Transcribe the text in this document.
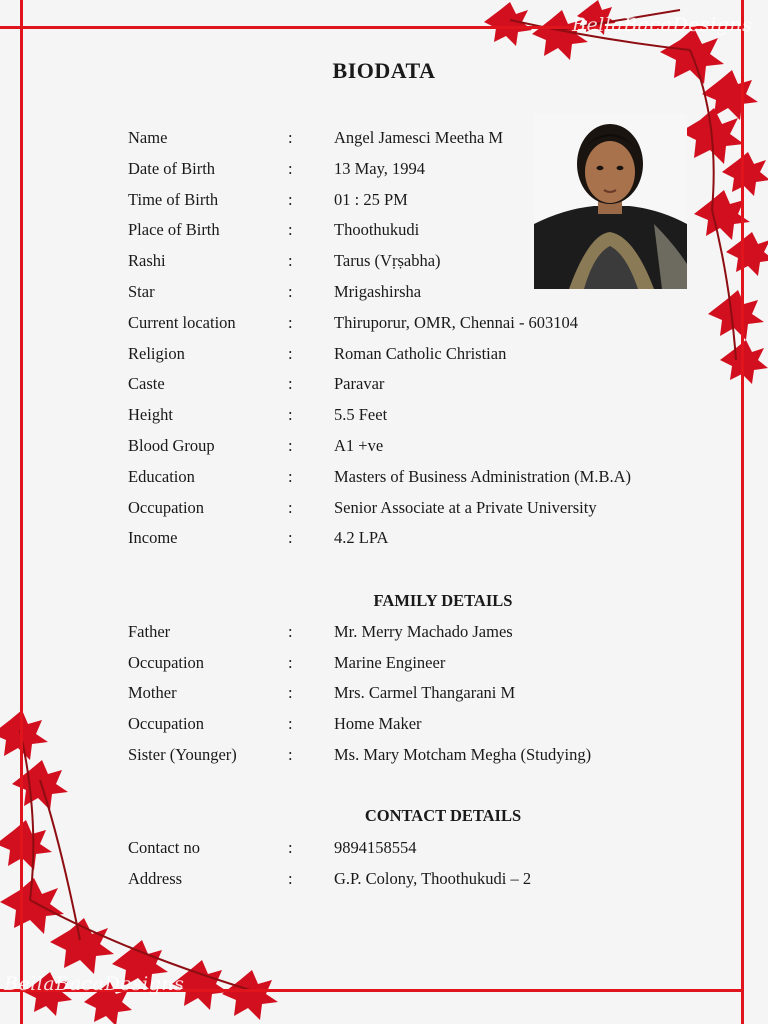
BellaBacaDesigns
BellaBacaDesigns
BIODATA
Name	:	Angel Jamesci Meetha M
Date of Birth	:	13 May, 1994
Time of Birth	:	01 : 25 PM
Place of Birth	:	Thoothukudi
Rashi	:	Tarus (Vṛṣabha)
Star	:	Mrigashirsha
Current location	:	Thiruporur, OMR, Chennai - 603104
Religion	:	Roman Catholic Christian
Caste	:	Paravar
Height	:	5.5 Feet
Blood Group	:	A1 +ve
Education	:	Masters of Business Administration (M.B.A)
Occupation	:	Senior Associate at a Private University
Income	:	4.2 LPA
FAMILY DETAILS
Father	:	Mr. Merry Machado James
Occupation	:	Marine Engineer
Mother	:	Mrs. Carmel Thangarani M
Occupation	:	Home Maker
Sister (Younger)	:	Ms. Mary Motcham Megha (Studying)
CONTACT DETAILS
Contact no	:	9894158554
Address	:	G.P. Colony, Thoothukudi – 2
